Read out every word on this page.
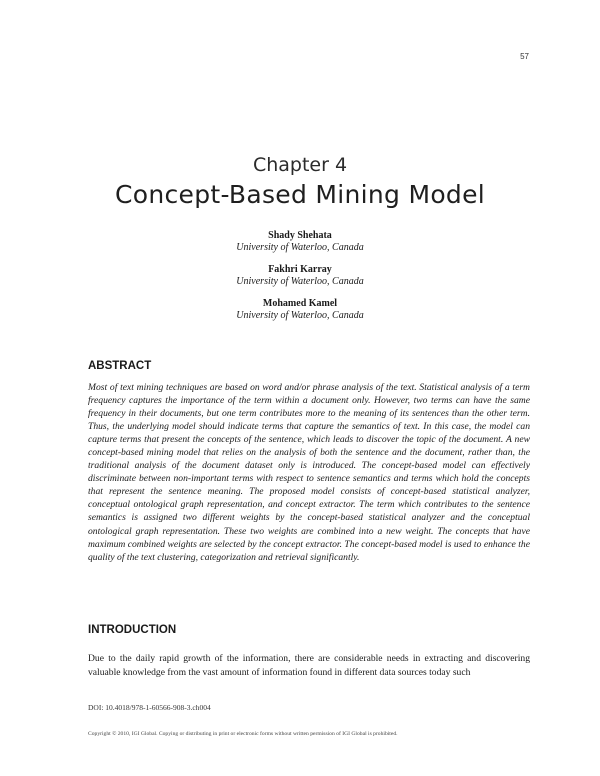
57
Chapter 4
Concept-Based Mining Model
Shady Shehata
University of Waterloo, Canada
Fakhri Karray
University of Waterloo, Canada
Mohamed Kamel
University of Waterloo, Canada
ABSTRACT

Most of text mining techniques are based on word and/or phrase analysis of the text. Statistical analysis of a term frequency captures the importance of the term within a document only. However, two terms can have the same frequency in their documents, but one term contributes more to the meaning of its sentences than the other term. Thus, the underlying model should indicate terms that capture the semantics of text. In this case, the model can capture terms that present the concepts of the sentence, which leads to discover the topic of the document. A new concept-based mining model that relies on the analysis of both the sentence and the document, rather than, the traditional analysis of the document dataset only is introduced. The concept-based model can effectively discriminate between non-important terms with respect to sentence semantics and terms which hold the concepts that represent the sentence meaning. The proposed model consists of concept-based statistical analyzer, conceptual ontological graph representation, and concept extractor. The term which contributes to the sentence semantics is assigned two different weights by the concept-based statistical analyzer and the conceptual ontological graph representation. These two weights are combined into a new weight. The concepts that have maximum combined weights are selected by the concept extractor. The concept-based model is used to enhance the quality of the text clustering, categorization and retrieval significantly.

INTRODUCTION

Due to the daily rapid growth of the information, there are considerable needs in extracting and discovering valuable knowledge from the vast amount of information found in different data sources today such

DOI: 10.4018/978-1-60566-908-3.ch004
Copyright © 2010, IGI Global. Copying or distributing in print or electronic forms without written permission of IGI Global is prohibited.
